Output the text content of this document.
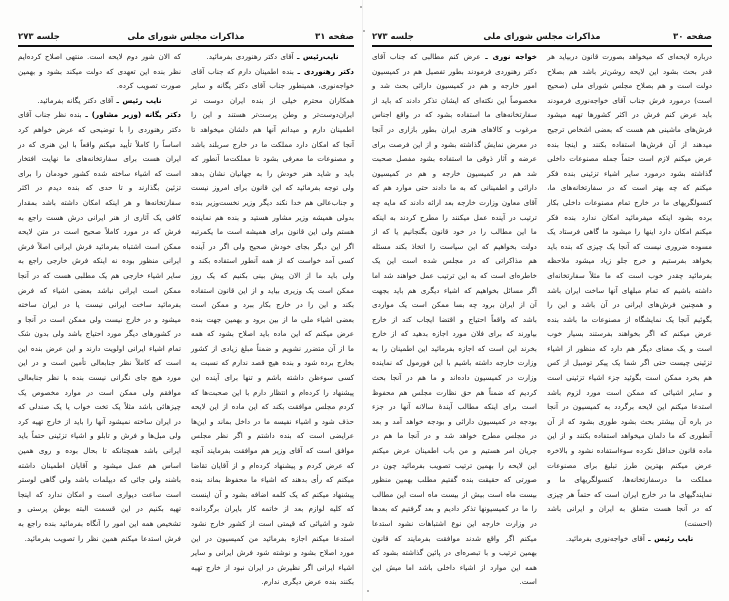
صفحه ۳۱
مذاکرات مجلس شورای ملی
جلسه ۲۷۳

نایب‌رئیس ـ آقای دکتر رهنوردی بفرمائید.

دکتر رهنوردی ـ بنده اطمینان دارم که جناب آقای خواجه‌نوری، همینطور جناب آقای دکتر یگانه و سایر همکاران محترم خیلی از بنده ایران دوست تر ایران‌دوست‌تر و وطن پرست‌تر هستند و این را اطمینان دارم و میدانم آنها هم دلشان میخواهد تا آنجا که امکان دارد مملکت ما در خارج سربلند باشد و مصنوعات ما معرفی بشود تا مملکت‌ما آنطور که باید و شاید هنر خودش را به جهانیان نشان بدهد ولی توجه بفرمائید که این قانون برای امروز نیست و جناب‌عالی هم خدا نکند دیگر وزیر نخست‌وزیر بنده بدولی همیشه وزیر مشاور هستید و بنده هم نماینده هستم ولی این قانون برای همیشه است ما یکمرتبه اگر این دیگر بجای خودش صحیح ولی اگر در آینده کسی آمد خواست که از همه آنطور استفاده بکند و ولی باید ما از الان پیش بینی بکنیم که یک روز ممکن است یک وزیری بیاید و از این قانون استفاده بکند و این را در خارج بکار ببرد و ممکن است بعضی اشیاء ملی ما از بین برود و بهمین جهت بنده عرض میکنم که این ماده باید اصلاح بشود که همه ما از آن متضرر نشویم و ضمناً مبلغ زیادی از کشور بخارج برده شود و بنده هیچ قصد ندارم که نسبت به کسی سوءظن داشته باشم و تنها برای آینده این پیشنهاد را کرده‌ام و انتظار دارم با این صحبت‌ها که کردم مجلس موافقت بکند که این ماده از این لایحه حذف شود و اشیاء نفیسه ما در داخل بماند و این‌ها عرایضی است که بنده داشتم و اگر نظر مجلس موافق است که آقای وزیر هم موافقت بفرمایند آنچه که عرض کردم و پیشنهاد کرده‌ام و از آقایان تقاضا میکنم که رأی بدهند که اشیاء ما محفوظ بماند بنده پیشنهاد میکنم که یک کلمه اضافه بشود و آن اینست که کلیه لوازم بعد از خاتمه کار بایران برگردانده شود و اشیائی که قیمتی است از کشور خارج نشود استدعا میکنم اجازه بفرمائید من کمیسیون در این مورد اصلاح بشود و نوشته شود فرش ایرانی و سایر اشیاء ایرانی اگر نظیرش در ایران نبود از خارج تهیه بکنند بنده عرض دیگری ندارم.

که الان شور دوم لایحه است. منتهی اصلاح کرده‌ایم نظر بنده این تعهدی که دولت میکند بشود و بهمین صورت تصویب کرده.

نایب رئیس ـ آقای دکتر یگانه بفرمائید.

دکتر یگانه (وزیر مشاور) ـ بنده نظر جناب آقای دکتر رهنوردی را با توضیحی که عرض خواهم کرد اساساً را کاملاً تأیید میکنم واقعاً با این هنری که در ایران هست برای سفارتخانه‌های ما نهایت افتخار است که اشیاء ساخته شده کشور خودمان را برای تزئین بگذارند و تا حدی که بنده دیدم در اکثر سفارتخانه‌ها و هر اینکه امکان داشته باشد بمقدار کافی یک آثاری از هنر ایرانی درش هست راجع به فرش که در مورد کاملاً صحیح است در متن لایحه ممکن است اشتباه بفرمائید فرش ایرانی اصلاً فرش ایرانی منظور بوده نه اینکه فرش خارجی راجع به سایر اشیاء خارجی هم یک مطلبی هست که در آنجا ممکن است ایرانی نباشد بعضی اشیاء که فرض بفرمائید ساخت ایرانی نیست یا در ایران ساخته میشود و در خارج نیست ولی ممکن است در آنجا و در کشورهای دیگر مورد احتیاج باشد ولی بدون شک تمام اشیاء ایرانی اولویت دارند و این عرض بنده این است که کاملاً نظر جنابعالی تأمین است و در این مورد هیچ جای نگرانی نیست بنده با نظر جنابعالی موافقم ولی ممکن است در موارد مخصوص یک چیزهائی باشد مثلاً یک تخت خواب یا یک صندلی که در ایران ساخته نمیشود آنها را باید از خارج تهیه کرد ولی مبل‌ها و فرش و تابلو و اشیاء تزئینی حتماً باید ایرانی باشد همچنانکه تا بحال بوده و روی همین اساس هم عمل میشود و آقایان اطمینان داشته باشند ولی جائی که دیپلمات باشد ولی گاهی لوستر است ساعت دیواری است و امکان ندارد که اینجا تهیه بکنیم در این قسمت البته بوطن پرستی و تشخیص همه این امور را آنگاه بفرمائید بنده راجع به فرش استدعا میکنم همین نظر را تصویب بفرمائید.

صفحه ۳۰
مذاکرات مجلس شورای ملی
جلسه ۲۷۳

درباره لایحه‌ای که میخواهد بصورت قانون دربیاید هر قدر بحث بشود این لایحه روشن‌تر باشد هم بصلاح دولت است و هم بصلاح مجلس شورای ملی (صحیح است) درمورد فرش جناب آقای خواجه‌نوری فرمودند باید عرض کنم فرش در اکثر کشورها تهیه میشود فرش‌های ماشینی هم هست که بعضی اشخاص ترجیح میدهند از آن فرش‌ها استفاده بکنند و اینجا بنده عرض میکنم لازم است حتماً جمله مصنوعات داخلی گذاشته بشود درمورد سایر اشیاء تزئینی بنده فکر میکنم که چه بهتر است که در سفارتخانه‌های ما، کنسولگریهای ما در خارج تمام مصنوعات داخلی بکار برده بشود اینکه میفرمائید امکان ندارد بنده فکر میکنم امکان دارد اینها را میشود ما گاهی فرستاد یک مسوده ضروری نیست که آنجا یک چیزی که بنده باید بخواهد بفرستیم و خرج جلو زیاد میشود ملاحظه بفرمائید چقدر خوب است که ما مثلاً سفارتخانه‌ای داشته باشیم که تمام مبلهای آنها ساخت ایران باشد و همچنین فرش‌های ایرانی در آن باشد و این را بگوئیم آنجا یک نمایشگاه از مصنوعات ما باشد بنده عرض میکنم که اگر بخواهند بفرستند بسیار خوب است و یک معنای دیگر هم دارد که منظور از اشیاء تزئینی چیست حتی اگر شما یک پیکر تومبیل از کس هم بخرد ممکن است بگوئید جزء اشیاء تزئینی است و سایر اشیائی که ممکن است مورد لزوم باشد استدعا میکنم این لایحه برگردد به کمیسیون در آنجا در باره آن بیشتر بحث بشود طوری بشود که از آن آنطوری که ما دلمان میخواهد استفاده بکنند و از این ماده قانون حداقل نکرده سوءاستفاده نشود و بالاخره عرض میکنم بهترین طرز تبلیغ برای مصنوعات مملکت ما درسفارتخانه‌ها، کنسولگریهای ما و نمایندگیهای ما در خارج ایران است که حتماً هر چیزی که در آنجا هست متعلق به ایران و ایرانی باشد (احسنت)

نایب رئیس ـ آقای خواجه‌نوری بفرمائید.

خواجه نوری ـ عرض کنم مطالبی که جناب آقای دکتر رهنوردی فرمودند بطور تفصیل هم در کمیسیون امور خارجه و هم در کمیسیون دارائی بحث شد و مخصوصاً این نکته‌ای که ایشان تذکر دادند که باید از سفارتخانه‌های ما استفاده بشود که در واقع اجناس مرغوب و کالاهای هنری ایران بطور بازاری در آنجا در معرض نمایش گذاشته بشود و از این فرصت برای عرضه و آثار ذوقی ما استفاده بشود مفصل صحبت شد هم در کمیسیون خارجه و هم در کمیسیون دارائی و اطمینانی که به ما دادند حتی موارد هم که آقای معاون وزارت خارجه بعد ارائه دادند که مایه چه ترتیب در آینده عمل میکنند را مطرح کردند به اینکه ما این مطالب را در خود قانون بگنجانیم یا که از دولت بخواهیم که این سیاست را اتخاذ بکند مسئله هم مذاکراتی که در مجلس شده است این یک خاطره‌ای است که به این ترتیب عمل خواهند شد اما اگر مسائل بخواهیم که اشیاء دیگری هم باید بجهت آن از ایران برود چه بسا ممکن است یک مواردی باشد که واقعاً احتیاج و اقتضا ایجاب کند از خارج بیاورند که برای فلان مورد اجازه بدهید که از خارج بخرند این است که اجازه بفرمائید این اطمینان را به وزارت خارجه داشته باشیم با این فورمول که نماینده وزارت در کمیسیون داده‌اند و ما هم در آنجا بحث کردیم که ضمناً هم حق نظارت مجلس هم محفوظ است برای اینکه مطالب آیندهٔ سالانه آنها در جزء بودجه در کمیسیون دارائی و بودجه خواهد آمد و بعد در مجلس مطرح خواهد شد و در آنجا ما هم در جریان امر هستیم و من باب اطمینان عرض میکنم این لایحه را بهمین ترتیب تصویب بفرمائید چون در صورتی که حقیقت بنده گفتیم مطلب بهمین منظور بیست ماه است بیش از بیست ماه است این مطالب را ما در کمیسیونها تذکر دادیم و بعد گرفتیم که بعدها در وزارت خارجه این نوع اشتباهات نشود استدعا میکنم اگر واقع شدند موافقت بفرمایند که قانون بهمین ترتیب و با تبصره‌ای در پائین گذاشته بشود که همه این موارد از اشیاء داخلی باشد اما میش این است.
